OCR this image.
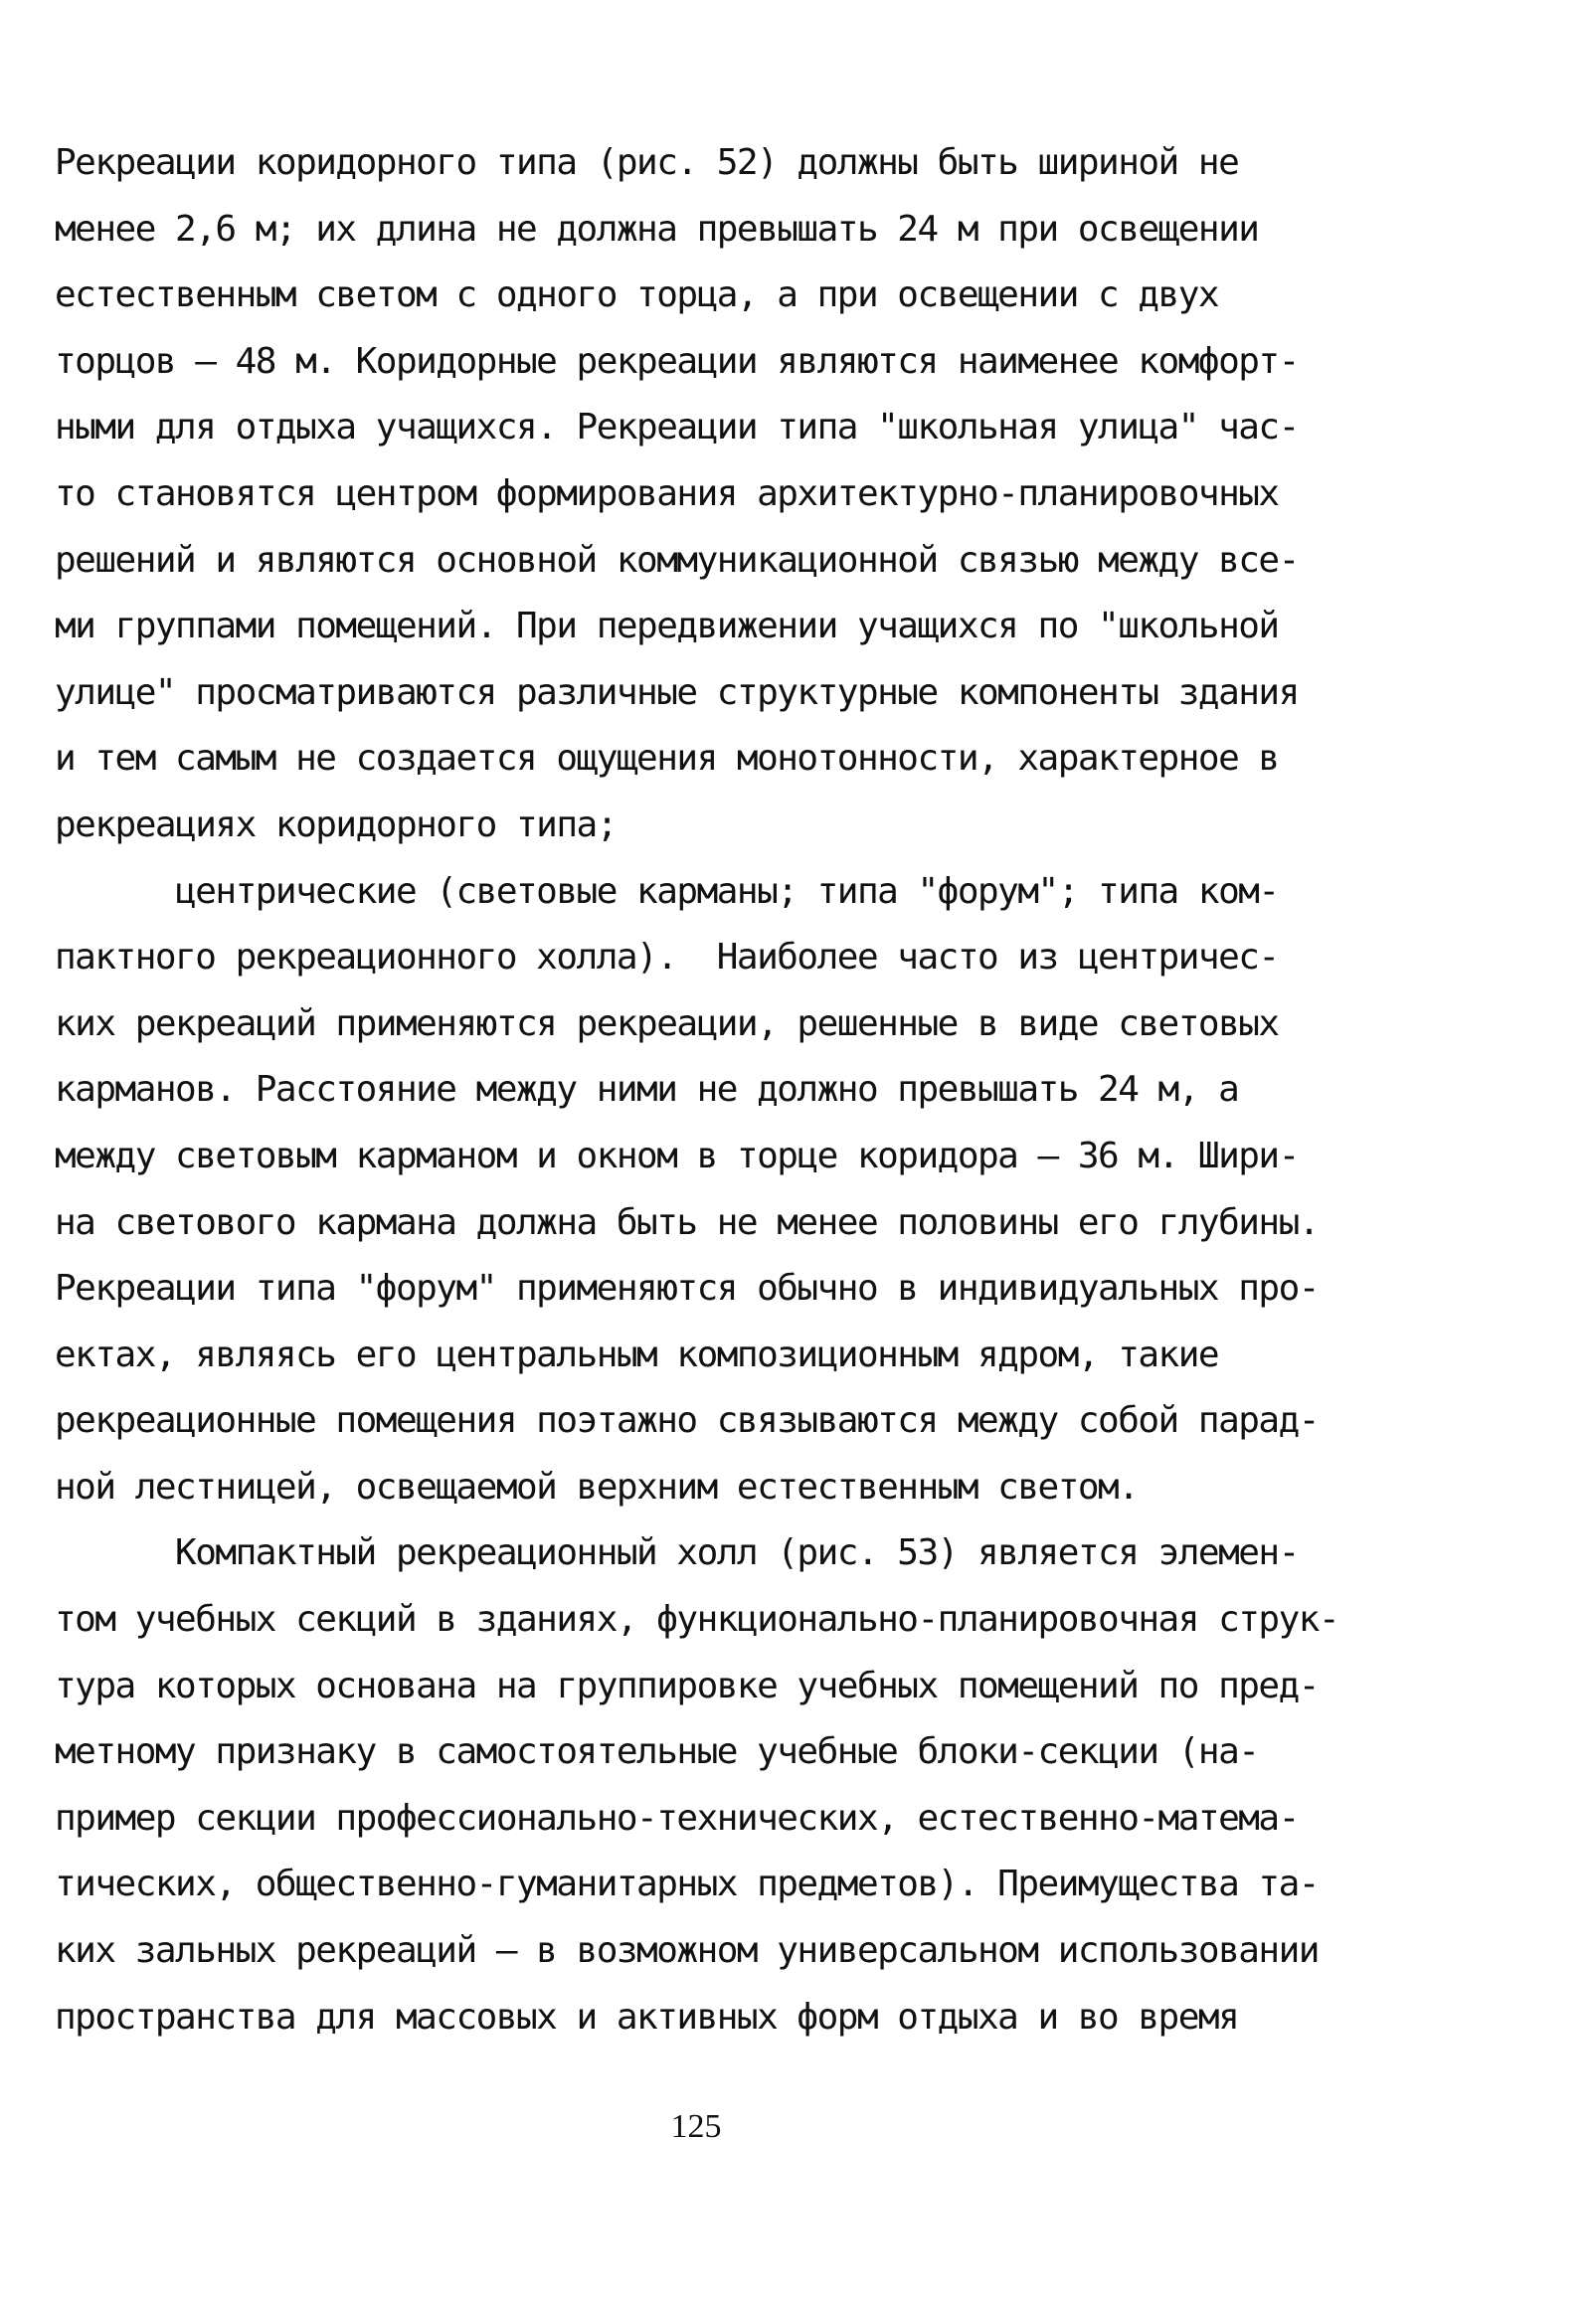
Рекреации коридорного типа (рис. 52) должны быть шириной не
менее 2,6 м; их длина не должна превышать 24 м при освещении
естественным светом с одного торца, а при освещении с двух
торцов – 48 м. Коридорные рекреации являются наименее комфорт-
ными для отдыха учащихся. Рекреации типа "школьная улица" час-
то становятся центром формирования архитектурно-планировочных
решений и являются основной коммуникационной связью между все-
ми группами помещений. При передвижении учащихся по "школьной
улице" просматриваются различные структурные компоненты здания
и тем самым не создается ощущения монотонности, характерное в
рекреациях коридорного типа;
центрические (световые карманы; типа "форум"; типа ком-
пактного рекреационного холла).  Наиболее часто из центричес-
ких рекреаций применяются рекреации, решенные в виде световых
карманов. Расстояние между ними не должно превышать 24 м, а
между световым карманом и окном в торце коридора – 36 м. Шири-
на светового кармана должна быть не менее половины его глубины.
Рекреации типа "форум" применяются обычно в индивидуальных про-
ектах, являясь его центральным композиционным ядром, такие
рекреационные помещения поэтажно связываются между собой парад-
ной лестницей, освещаемой верхним естественным светом.
Компактный рекреационный холл (рис. 53) является элемен-
том учебных секций в зданиях, функционально-планировочная струк-
тура которых основана на группировке учебных помещений по пред-
метному признаку в самостоятельные учебные блоки-секции (на-
пример секции профессионально-технических, естественно-матема-
тических, общественно-гуманитарных предметов). Преимущества та-
ких зальных рекреаций – в возможном универсальном использовании
пространства для массовых и активных форм отдыха и во время
125
